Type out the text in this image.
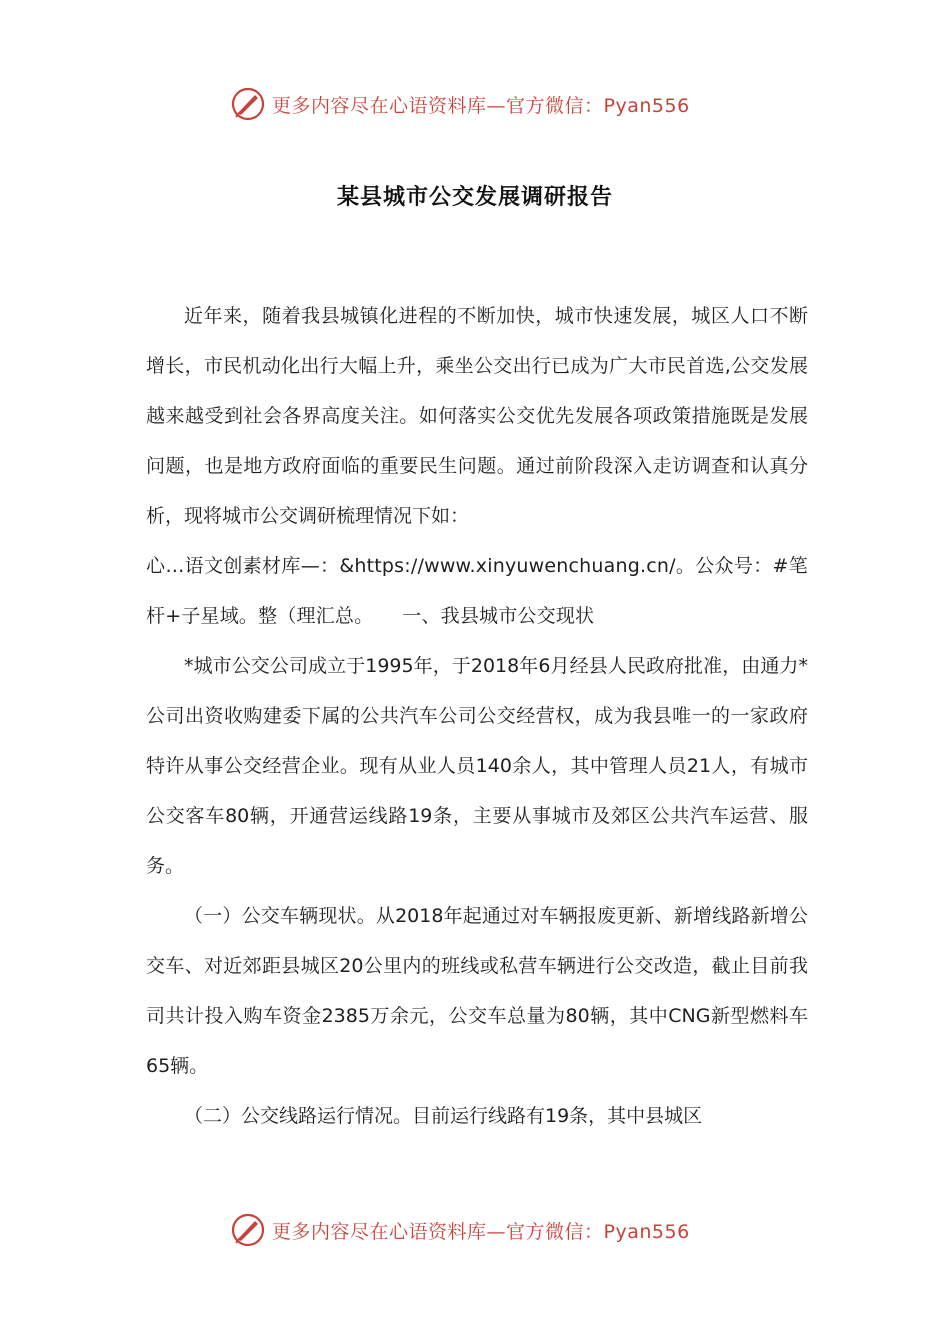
更多内容尽在心语资料库—官方微信：Pyan556
某县城市公交发展调研报告

近年来，随着我县城镇化进程的不断加快，城市快速发展，城区人口不断增长，市民机动化出行大幅上升，乘坐公交出行已成为广大市民首选,公交发展越来越受到社会各界高度关注。如何落实公交优先发展各项政策措施既是发展问题，也是地方政府面临的重要民生问题。通过前阶段深入走访调查和认真分析，现将城市公交调研梳理情况下如：

心…语文创素材库—：&https://www.xinyuwenchuang.cn/。公众号：#笔杆+子星域。整（理汇总。　　一、我县城市公交现状

*城市公交公司成立于1995年，于2018年6月经县人民政府批准，由通力*公司出资收购建委下属的公共汽车公司公交经营权，成为我县唯一的一家政府特许从事公交经营企业。现有从业人员140余人，其中管理人员21人，有城市公交客车80辆，开通营运线路19条，主要从事城市及郊区公共汽车运营、服务。

（一）公交车辆现状。从2018年起通过对车辆报废更新、新增线路新增公交车、对近郊距县城区20公里内的班线或私营车辆进行公交改造，截止目前我司共计投入购车资金2385万余元，公交车总量为80辆，其中CNG新型燃料车65辆。

（二）公交线路运行情况。目前运行线路有19条，其中县城区

更多内容尽在心语资料库—官方微信：Pyan556
